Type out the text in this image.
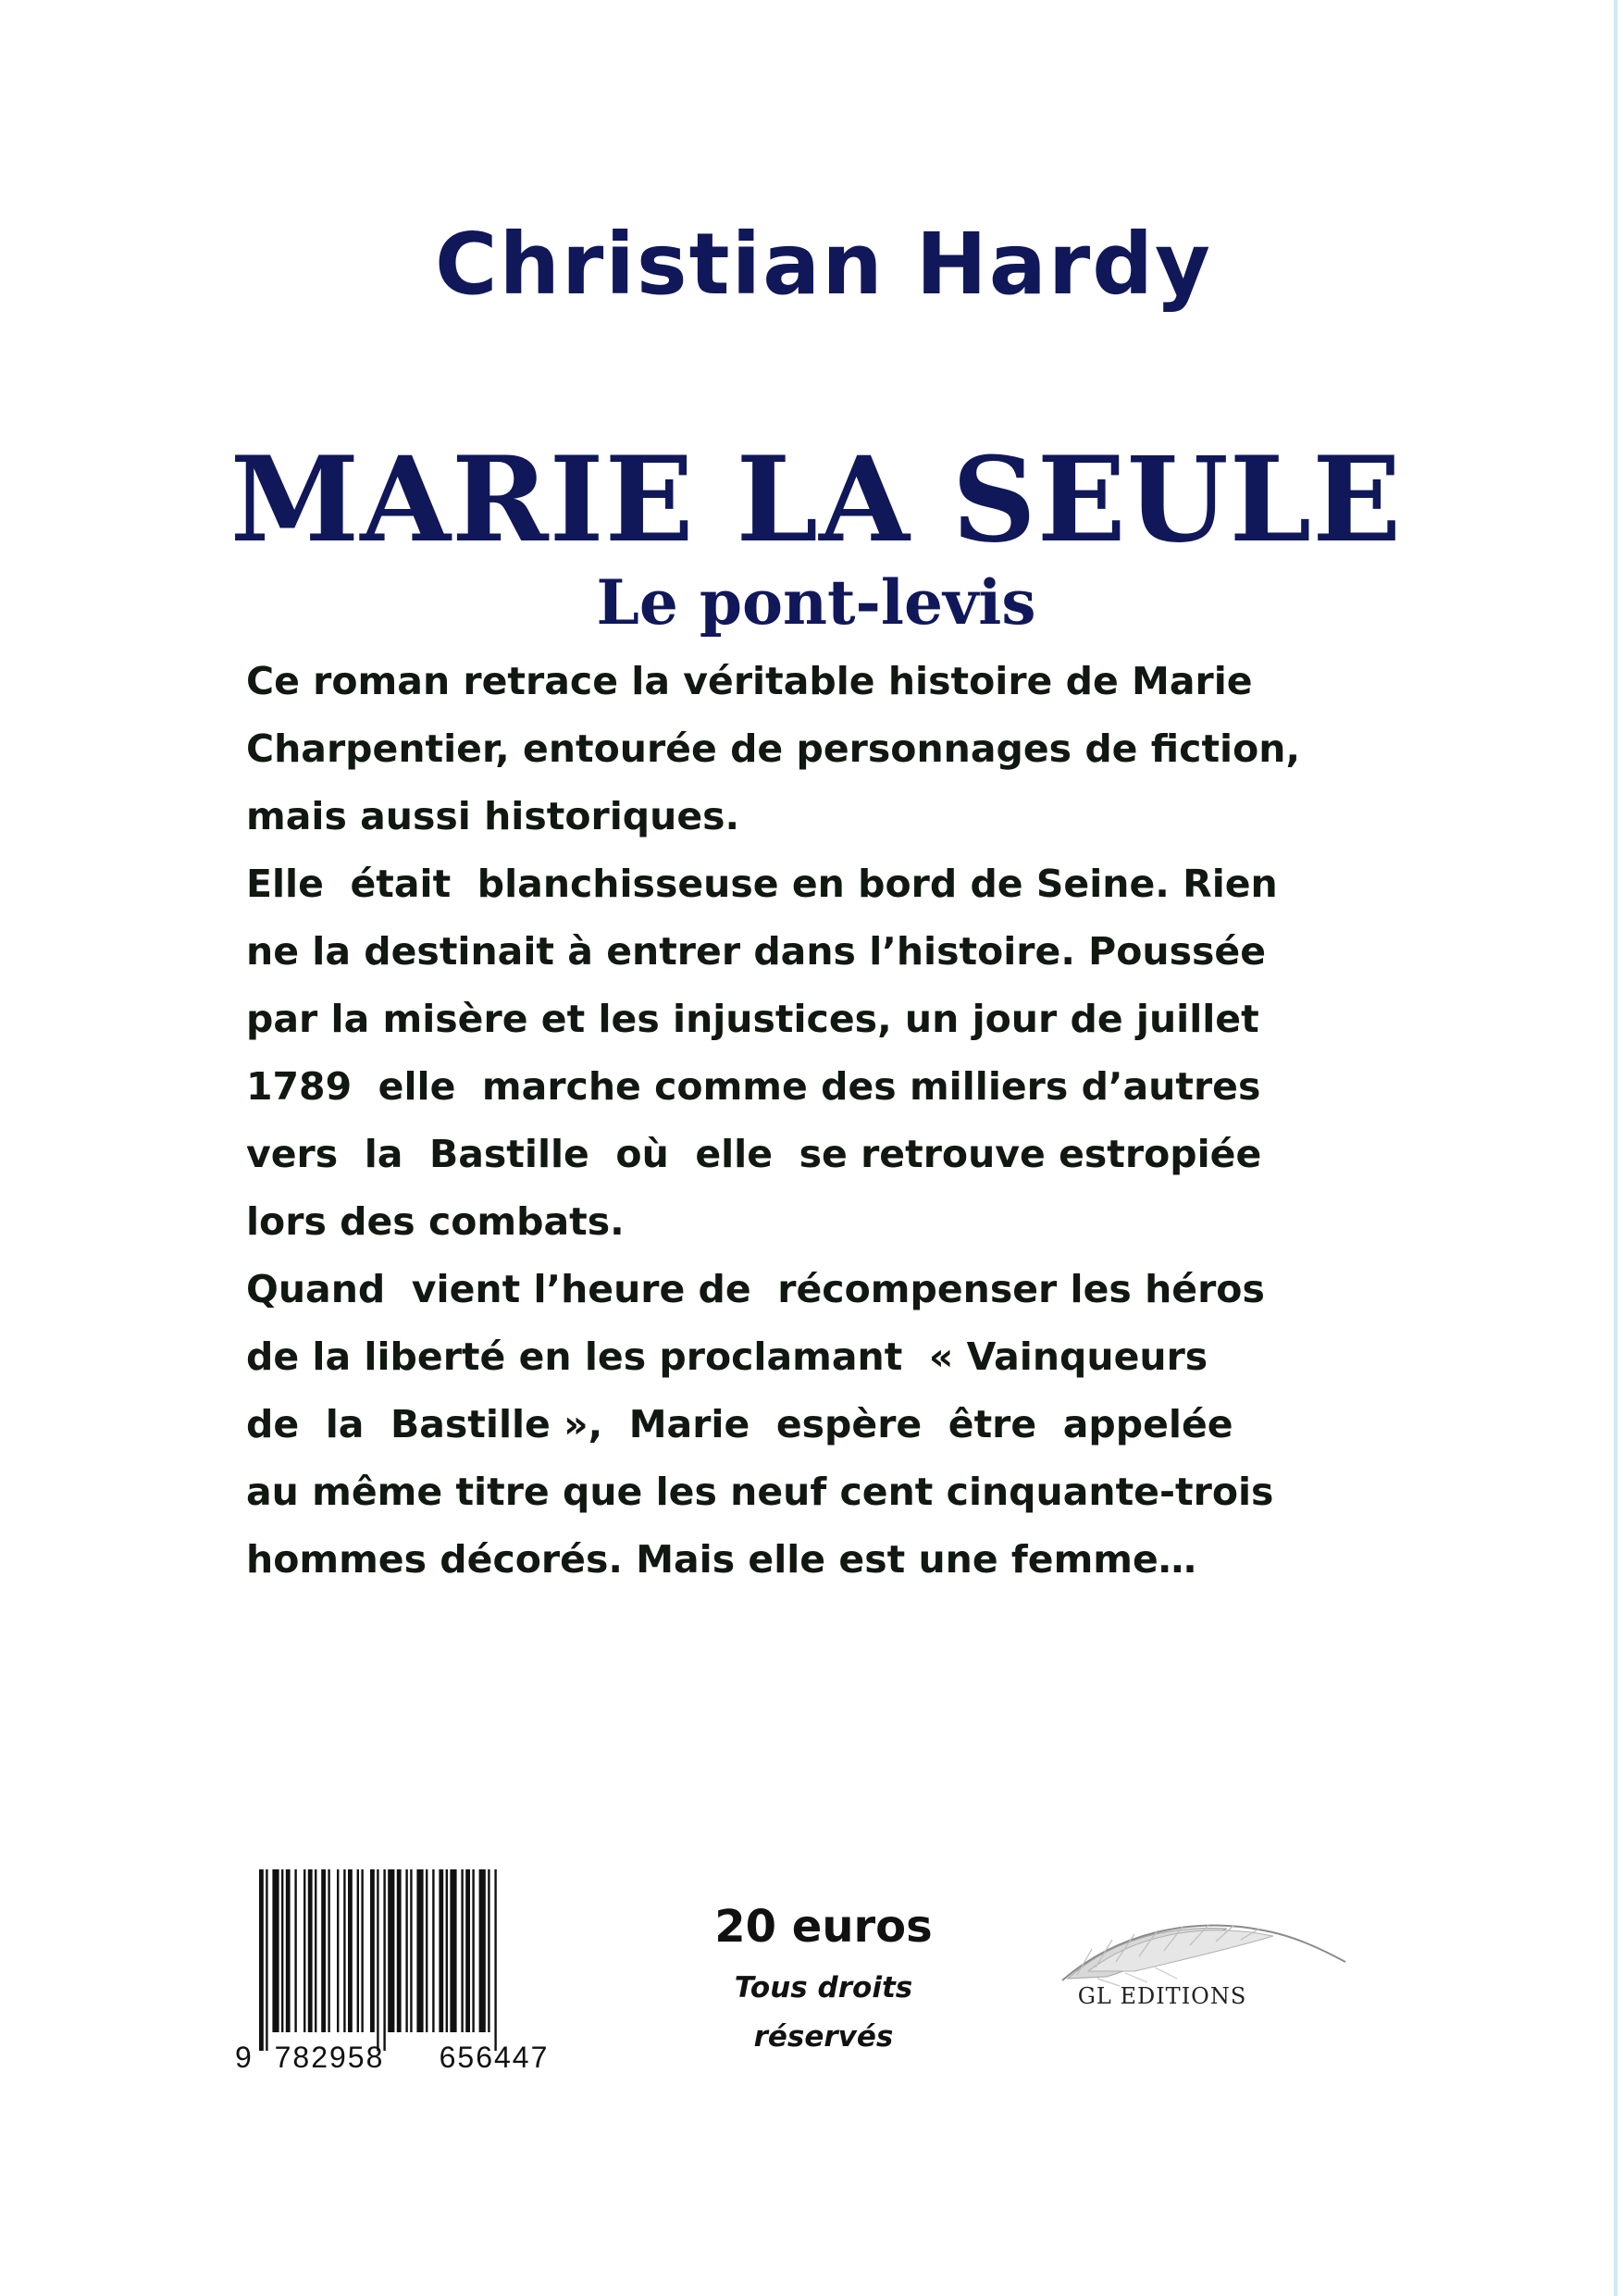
Christian Hardy
MARIE LA SEULE
Le pont-levis
Ce roman retrace la véritable histoire de Marie
Charpentier, entourée de personnages de fiction,
mais aussi historiques.
Elle  était  blanchisseuse en bord de Seine. Rien
ne la destinait à entrer dans l’histoire. Poussée
par la misère et les injustices, un jour de juillet
1789  elle  marche comme des milliers d’autres
vers  la  Bastille  où  elle  se retrouve estropiée
lors des combats.
Quand  vient l’heure de  récompenser les héros
de la liberté en les proclamant  « Vainqueurs
de  la  Bastille »,  Marie  espère  être  appelée
au même titre que les neuf cent cinquante-trois
hommes décorés. Mais elle est une femme…
9 782958 656447
20 euros
Tous droits
réservés
GL EDITIONS
